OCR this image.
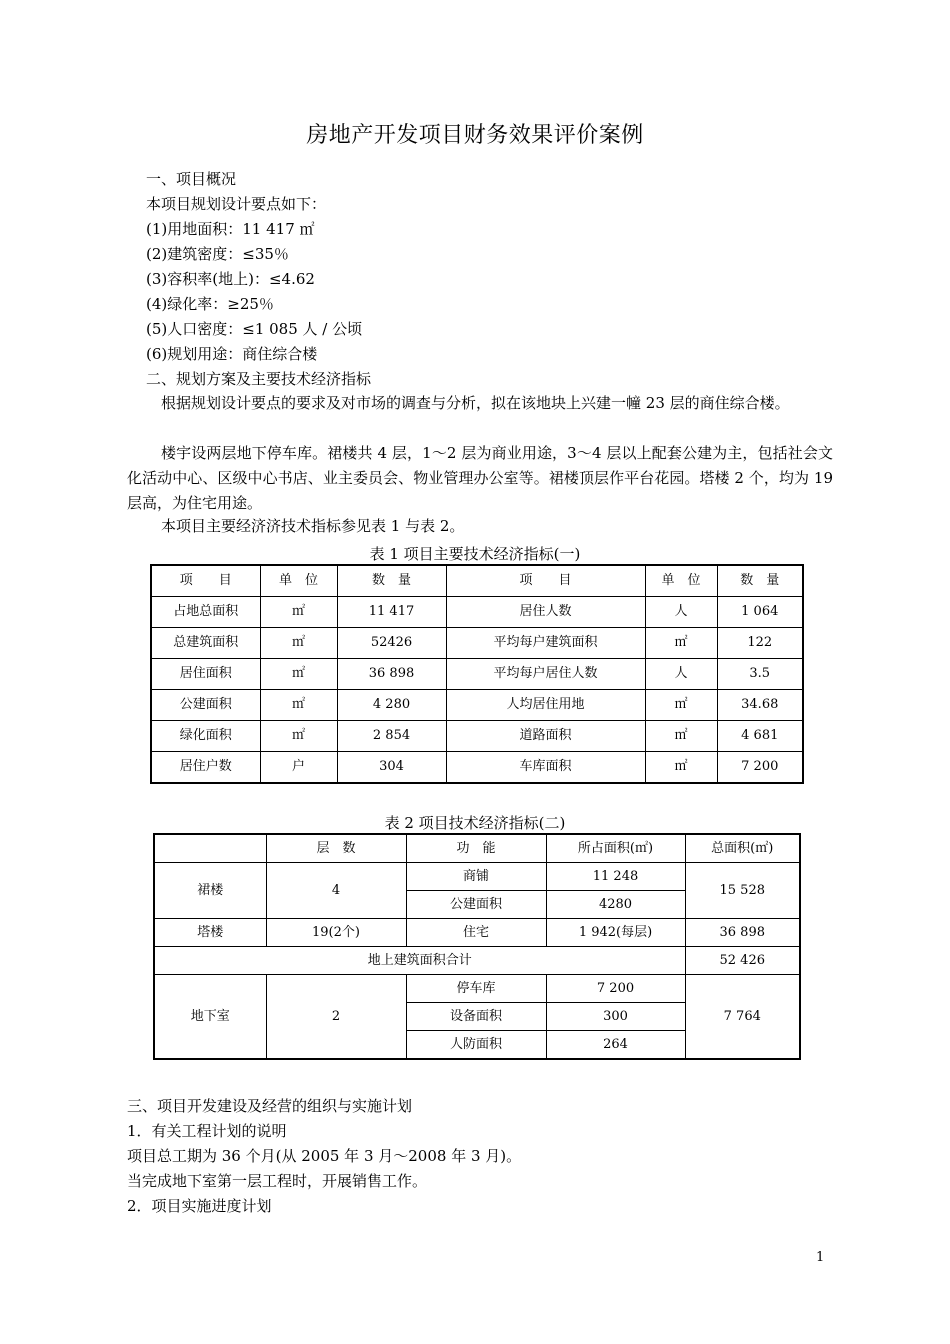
房地产开发项目财务效果评价案例
一、项目概况
本项目规划设计要点如下：
(1)用地面积：11 417 ㎡
(2)建筑密度：≤35％
(3)容积率(地上)：≤4.62
(4)绿化率：≥25％
(5)人口密度：≤1 085 人 / 公顷
(6)规划用途：商住综合楼
二、规划方案及主要技术经济指标
根据规划设计要点的要求及对市场的调查与分析，拟在该地块上兴建一幢 23 层的商住综合楼。
楼宇设两层地下停车库。裙楼共 4 层，1～2 层为商业用途，3～4 层以上配套公建为主，包括社会文化活动中心、区级中心书店、业主委员会、物业管理办公室等。裙楼顶层作平台花园。塔楼 2 个，均为 19 层高，为住宅用途。
本项目主要经济济技术指标参见表 1 与表 2。
表 1 项目主要技术经济指标(一)
项　　目	单　位	数　量	项　　目	单　位	数　量
占地总面积	㎡	11 417	居住人数	人	1 064
总建筑面积	㎡	52426	平均每户建筑面积	㎡	122
居住面积	㎡	36 898	平均每户居住人数	人	3.5
公建面积	㎡	4 280	人均居住用地	㎡	34.68
绿化面积	㎡	2 854	道路面积	㎡	4 681
居住户数	户	304	车库面积	㎡	7 200
表 2 项目技术经济指标(二)
	层　数	功　能	所占面积(㎡)	总面积(㎡)
裙楼	4	商铺	11 248	15 528
		公建面积	4280	
塔楼	19(2个)	住宅	1 942(每层)	36 898
地上建筑面积合计				52 426
地下室	2	停车库	7 200	7 764
		设备面积	300	
		人防面积	264	
三、项目开发建设及经营的组织与实施计划
1．有关工程计划的说明
项目总工期为 36 个月(从 2005 年 3 月～2008 年 3 月)。
当完成地下室第一层工程时，开展销售工作。
2．项目实施进度计划
1
